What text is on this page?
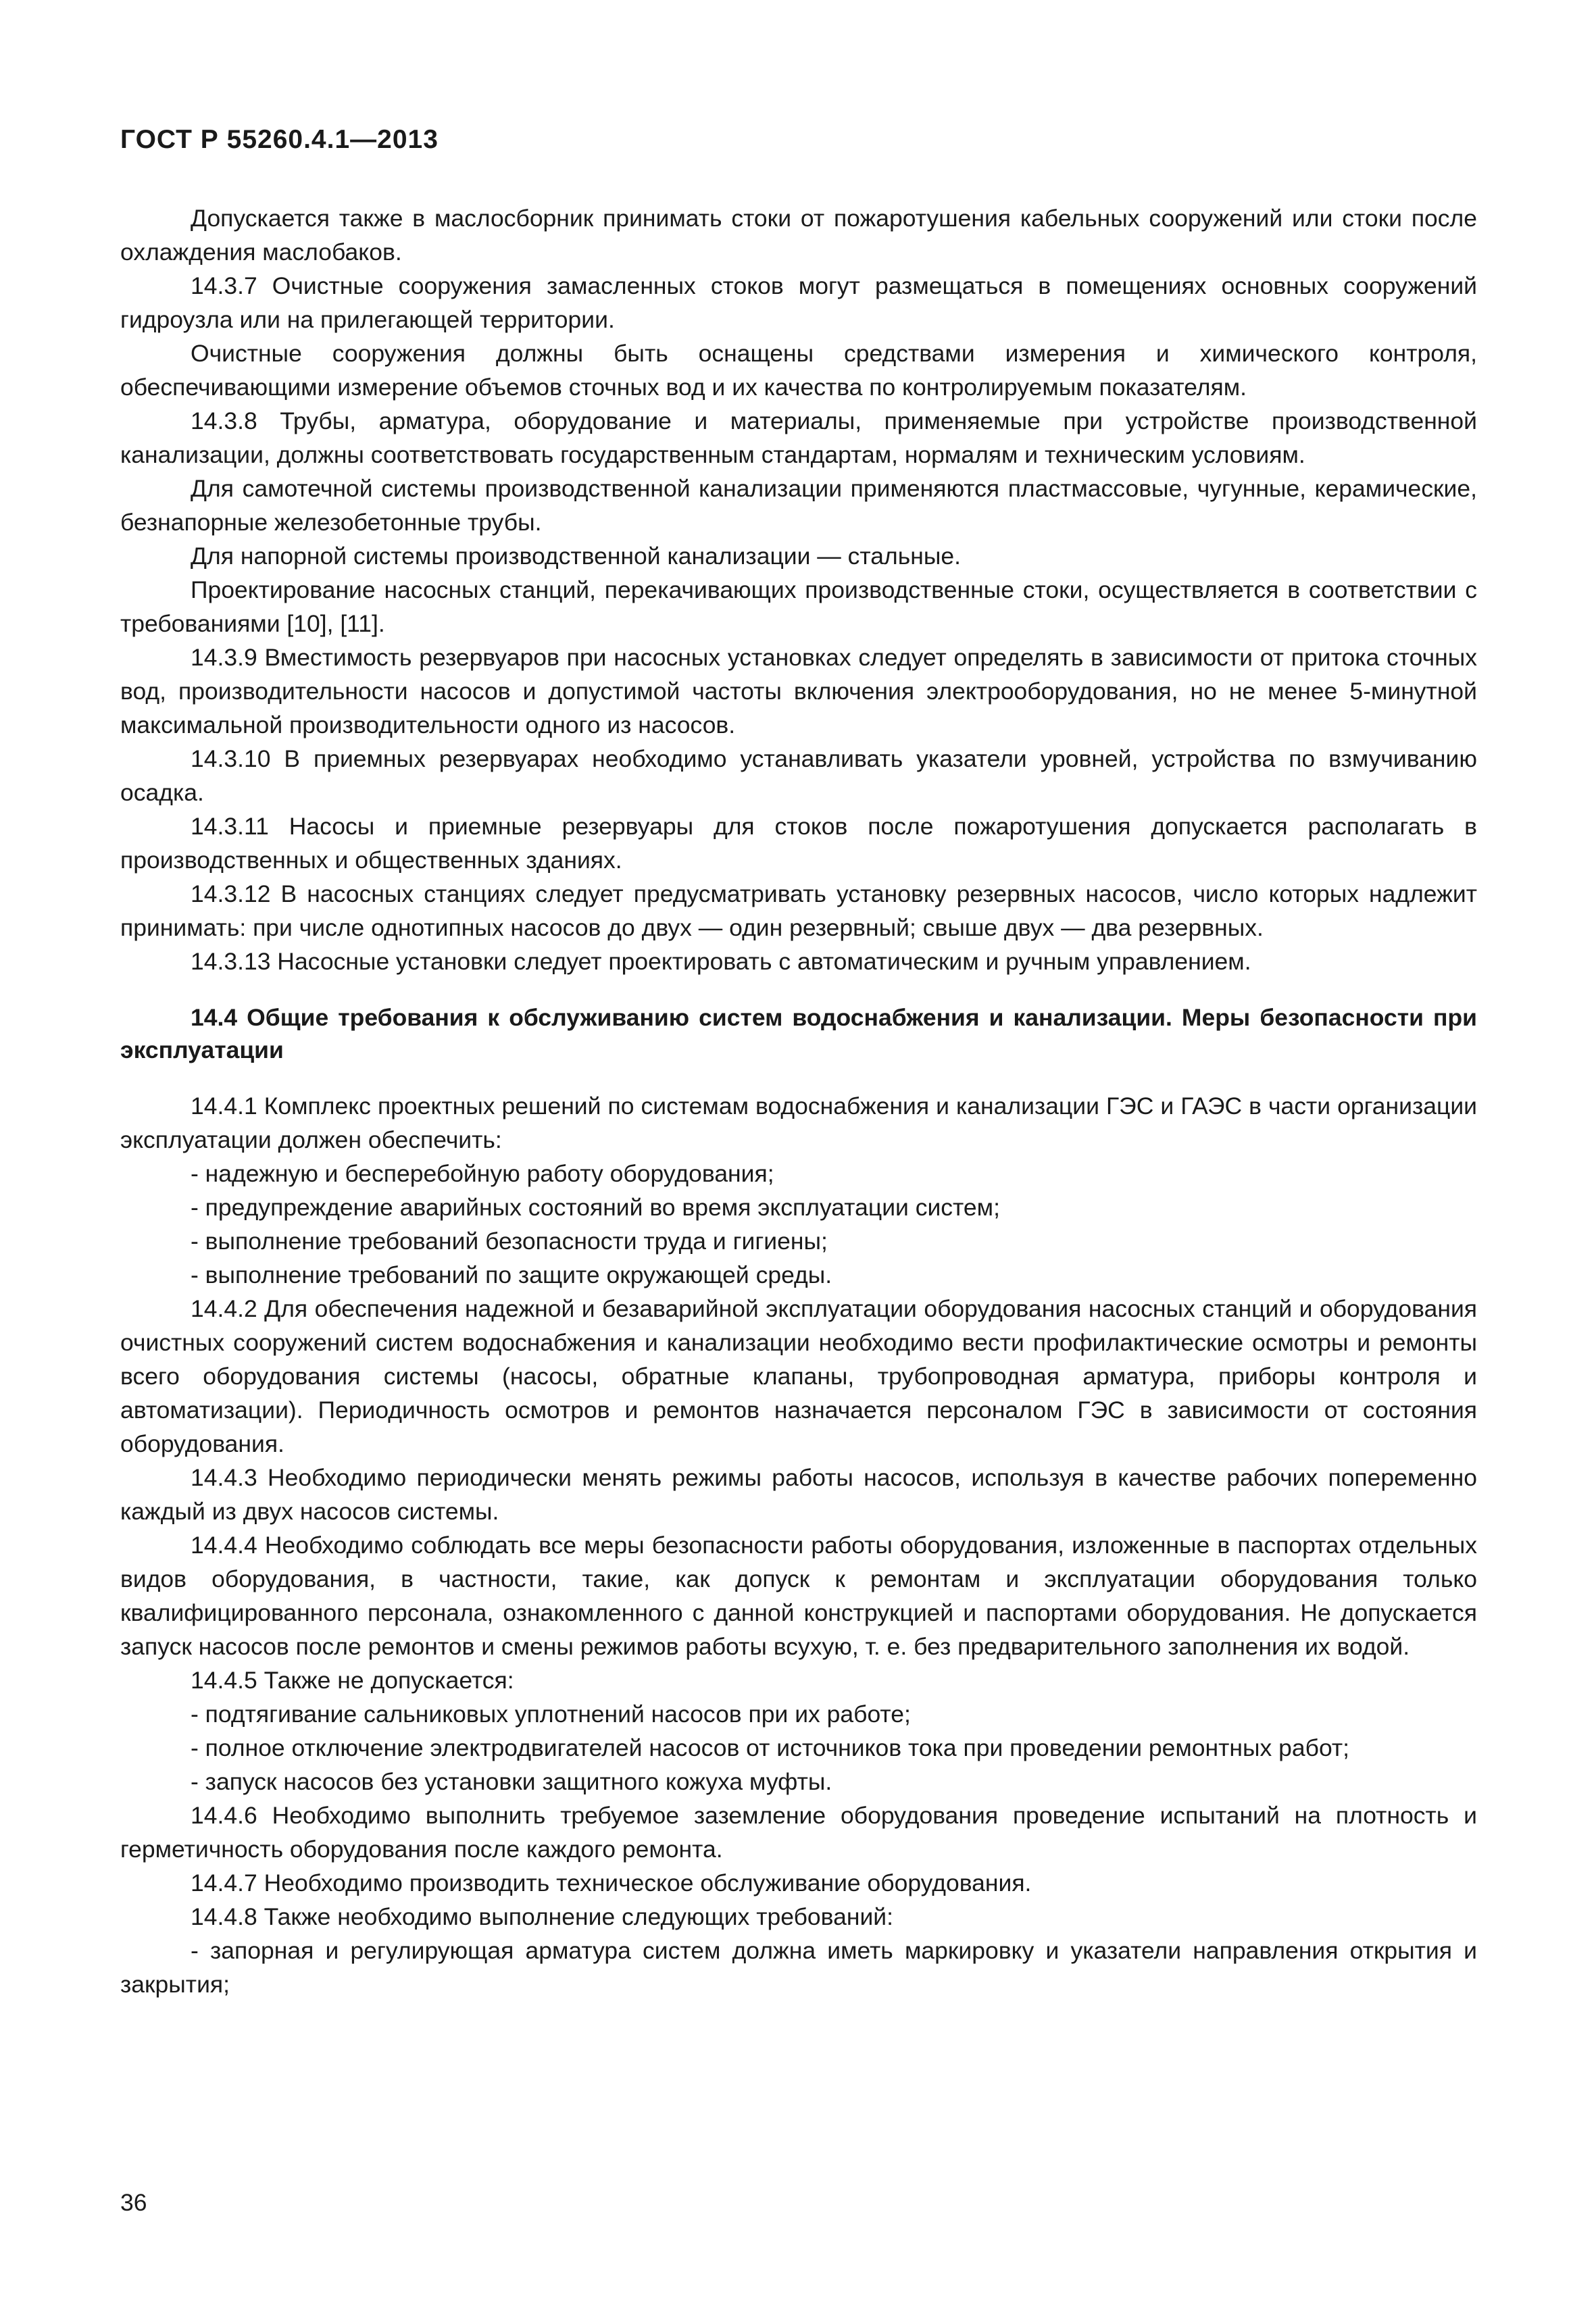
ГОСТ Р 55260.4.1—2013

Допускается также в маслосборник принимать стоки от пожаротушения кабельных сооружений или стоки после охлаждения маслобаков.

14.3.7 Очистные сооружения замасленных стоков могут размещаться в помещениях основных сооружений гидроузла или на прилегающей территории.

Очистные сооружения должны быть оснащены средствами измерения и химического контроля, обеспечивающими измерение объемов сточных вод и их качества по контролируемым показателям.

14.3.8 Трубы, арматура, оборудование и материалы, применяемые при устройстве производственной канализации, должны соответствовать государственным стандартам, нормалям и техническим условиям.

Для самотечной системы производственной канализации применяются пластмассовые, чугунные, керамические, безнапорные железобетонные трубы.

Для напорной системы производственной канализации — стальные.

Проектирование насосных станций, перекачивающих производственные стоки, осуществляется в соответствии с требованиями [10], [11].

14.3.9 Вместимость резервуаров при насосных установках следует определять в зависимости от притока сточных вод, производительности насосов и допустимой частоты включения электрооборудования, но не менее 5-минутной максимальной производительности одного из насосов.

14.3.10 В приемных резервуарах необходимо устанавливать указатели уровней, устройства по взмучиванию осадка.

14.3.11 Насосы и приемные резервуары для стоков после пожаротушения допускается располагать в производственных и общественных зданиях.

14.3.12 В насосных станциях следует предусматривать установку резервных насосов, число которых надлежит принимать: при числе однотипных насосов до двух — один резервный; свыше двух — два резервных.

14.3.13 Насосные установки следует проектировать с автоматическим и ручным управлением.

14.4 Общие требования к обслуживанию систем водоснабжения и канализации. Меры безопасности при эксплуатации

14.4.1 Комплекс проектных решений по системам водоснабжения и канализации ГЭС и ГАЭС в части организации эксплуатации должен обеспечить:

- надежную и бесперебойную работу оборудования;

- предупреждение аварийных состояний во время эксплуатации систем;

- выполнение требований безопасности труда и гигиены;

- выполнение требований по защите окружающей среды.

14.4.2 Для обеспечения надежной и безаварийной эксплуатации оборудования насосных станций и оборудования очистных сооружений систем водоснабжения и канализации необходимо вести профилактические осмотры и ремонты всего оборудования системы (насосы, обратные клапаны, трубопроводная арматура, приборы контроля и автоматизации). Периодичность осмотров и ремонтов назначается персоналом ГЭС в зависимости от состояния оборудования.

14.4.3 Необходимо периодически менять режимы работы насосов, используя в качестве рабочих попеременно каждый из двух насосов системы.

14.4.4 Необходимо соблюдать все меры безопасности работы оборудования, изложенные в паспортах отдельных видов оборудования, в частности, такие, как допуск к ремонтам и эксплуатации оборудования только квалифицированного персонала, ознакомленного с данной конструкцией и паспортами оборудования. Не допускается запуск насосов после ремонтов и смены режимов работы всухую, т. е. без предварительного заполнения их водой.

14.4.5 Также не допускается:

- подтягивание сальниковых уплотнений насосов при их работе;

- полное отключение электродвигателей насосов от источников тока при проведении ремонтных работ;

- запуск насосов без установки защитного кожуха муфты.

14.4.6 Необходимо выполнить требуемое заземление оборудования проведение испытаний на плотность и герметичность оборудования после каждого ремонта.

14.4.7 Необходимо производить техническое обслуживание оборудования.

14.4.8 Также необходимо выполнение следующих требований:

- запорная и регулирующая арматура систем должна иметь маркировку и указатели направления открытия и закрытия;

36
